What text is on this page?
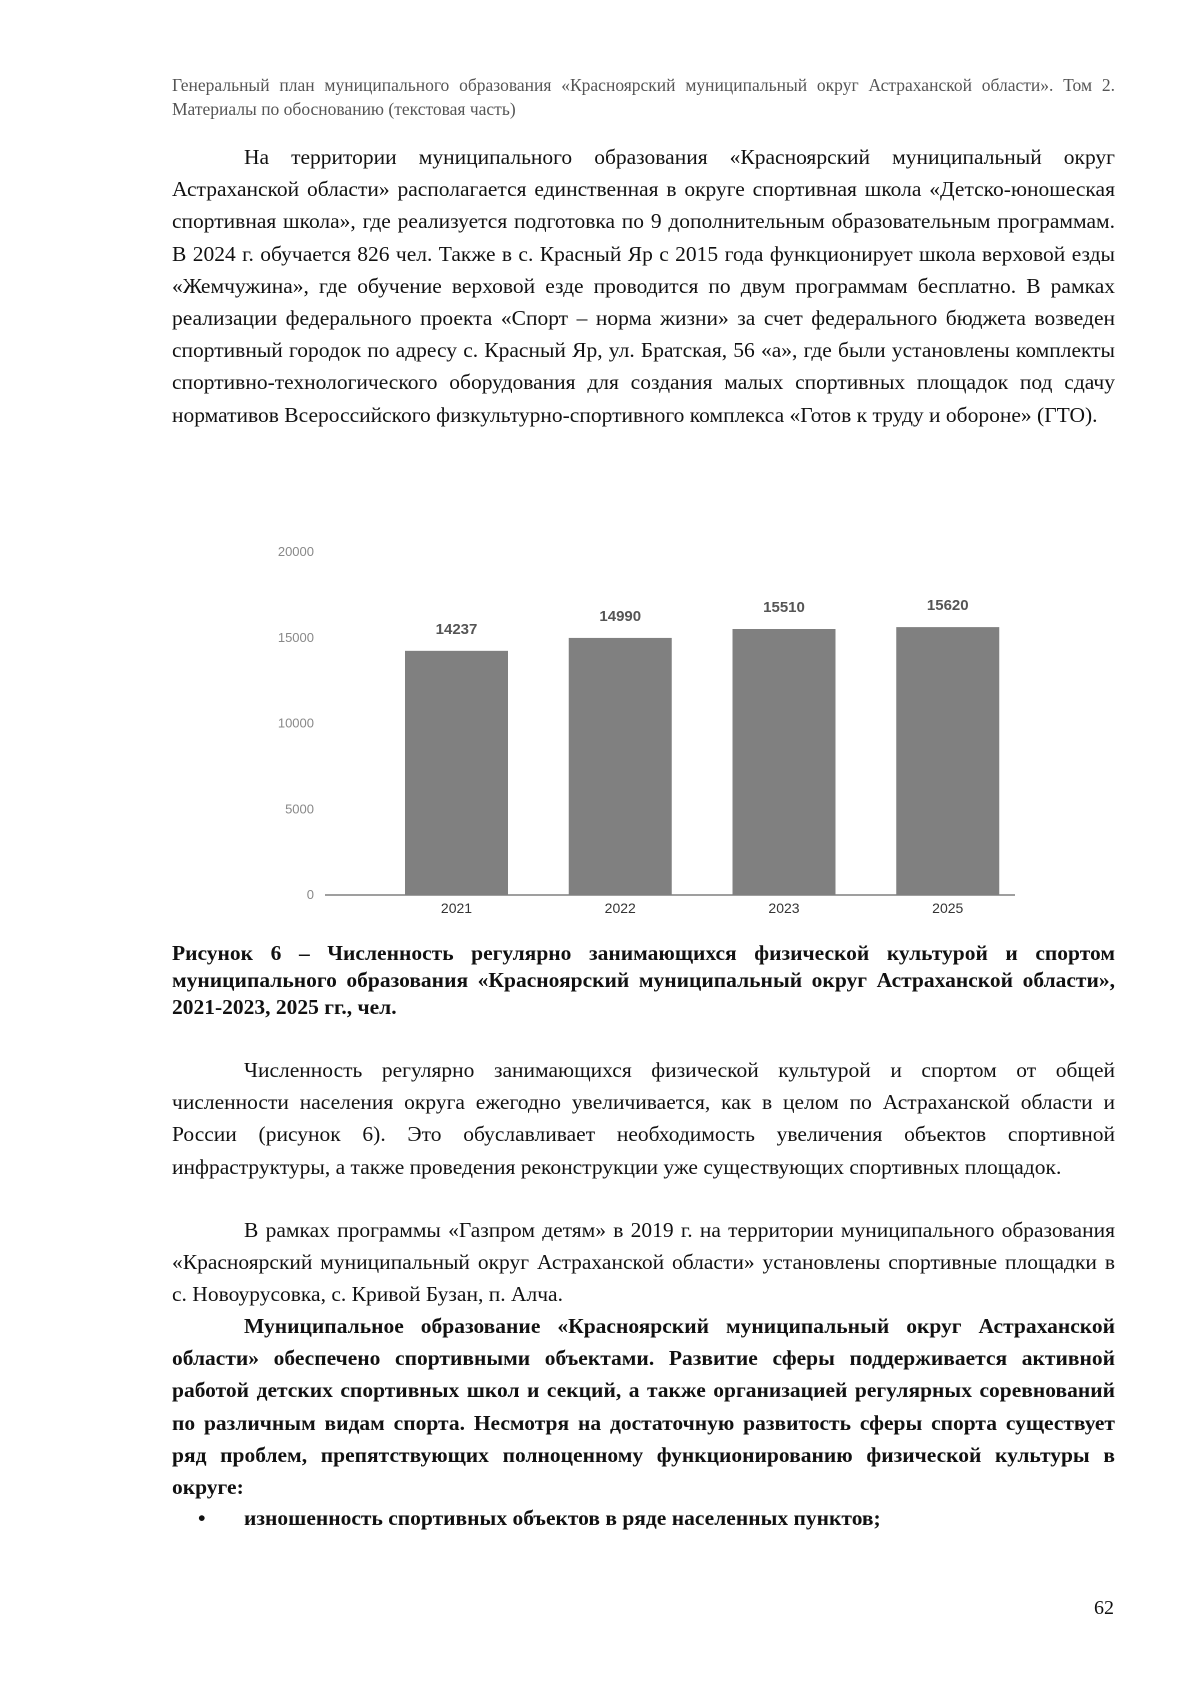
Генеральный план муниципального образования «Красноярский муниципальный округ Астраханской области». Том 2. Материалы по обоснованию (текстовая часть)

На территории муниципального образования «Красноярский муниципальный округ Астраханской области» располагается единственная в округе спортивная школа «Детско-юношеская спортивная школа», где реализуется подготовка по 9 дополнительным образовательным программам. В 2024 г. обучается 826 чел. Также в с. Красный Яр с 2015 года функционирует школа верховой езды «Жемчужина», где обучение верховой езде проводится по двум программам бесплатно. В рамках реализации федерального проекта «Спорт – норма жизни» за счет федерального бюджета возведен спортивный городок по адресу с. Красный Яр, ул. Братская, 56 «а», где были установлены комплекты спортивно-технологического оборудования для создания малых спортивных площадок под сдачу нормативов Всероссийского физкультурно-спортивного комплекса «Готов к труду и обороне» (ГТО).

0
5000
10000
15000
20000
14237
2021
14990
2022
15510
2023
15620
2025

Рисунок 6 – Численность регулярно занимающихся физической культурой и спортом муниципального образования «Красноярский муниципальный округ Астраханской области», 2021-2023, 2025 гг., чел.

Численность регулярно занимающихся физической культурой и спортом от общей численности населения округа ежегодно увеличивается, как в целом по Астраханской области и России (рисунок 6). Это обуславливает необходимость увеличения объектов спортивной инфраструктуры, а также проведения реконструкции уже существующих спортивных площадок.

В рамках программы «Газпром детям» в 2019 г. на территории муниципального образования «Красноярский муниципальный округ Астраханской области» установлены спортивные площадки в с. Новоурусовка, с. Кривой Бузан, п. Алча.

Муниципальное образование «Красноярский муниципальный округ Астраханской области» обеспечено спортивными объектами. Развитие сферы поддерживается активной работой детских спортивных школ и секций, а также организацией регулярных соревнований по различным видам спорта. Несмотря на достаточную развитость сферы спорта существует ряд проблем, препятствующих полноценному функционированию физической культуры в округе:

• изношенность спортивных объектов в ряде населенных пунктов;
62
